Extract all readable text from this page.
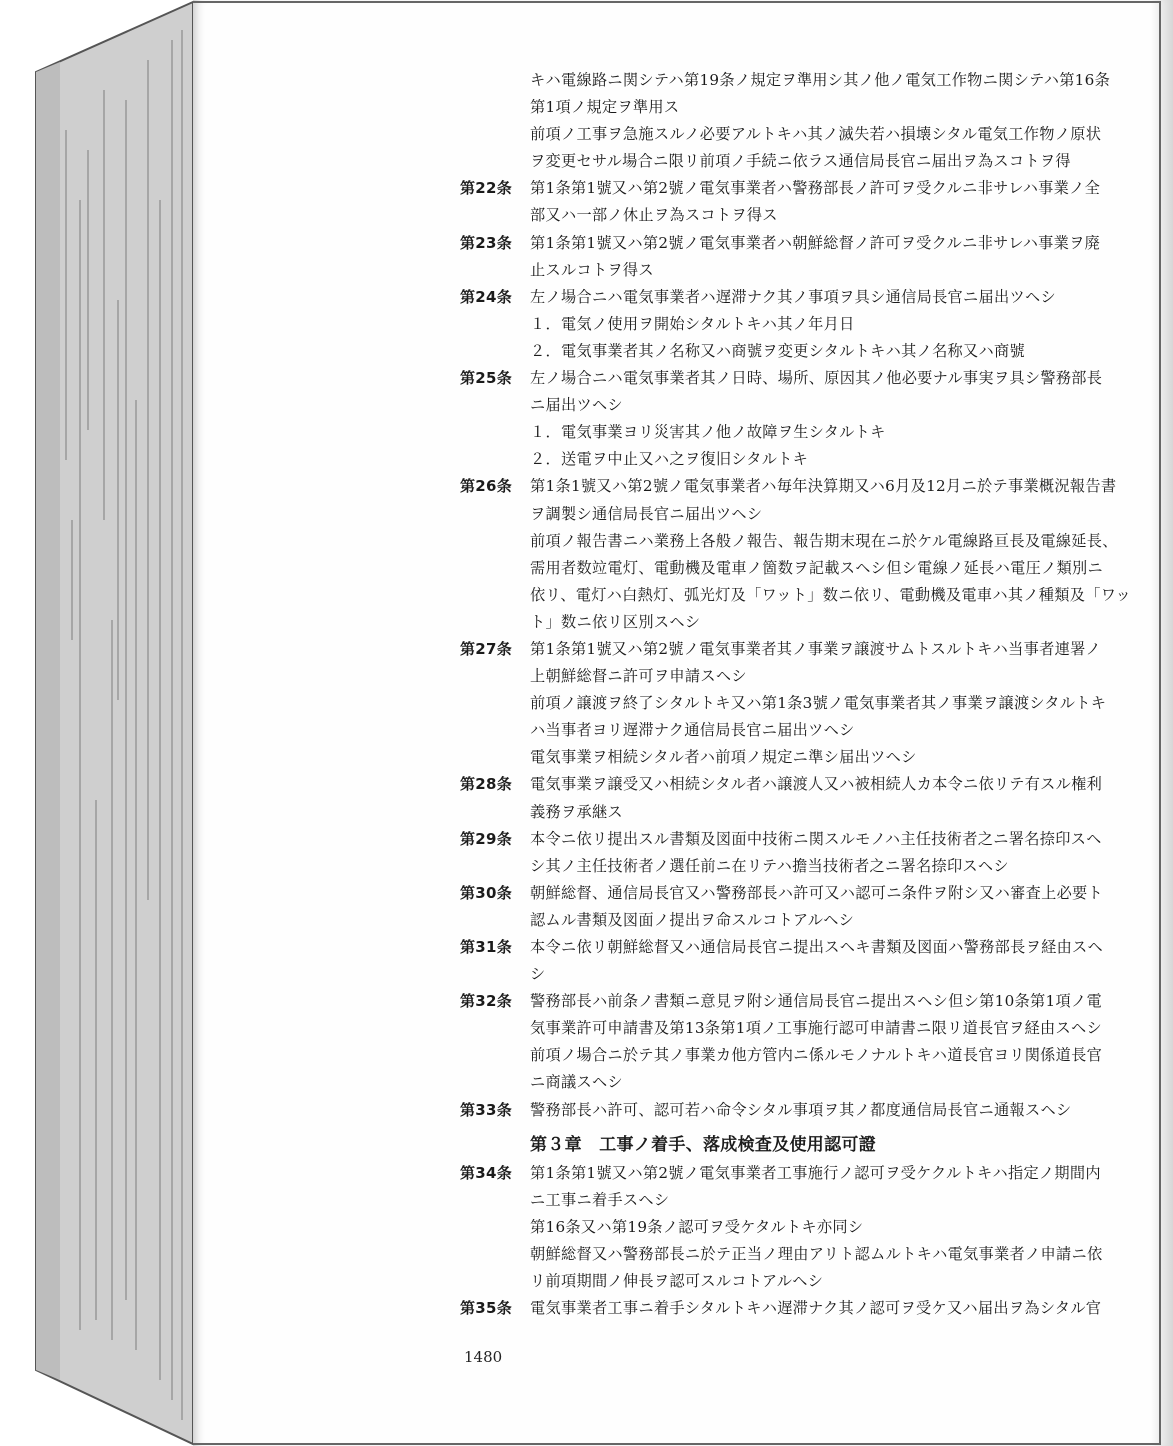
キハ電線路ニ関シテハ第19条ノ規定ヲ準用シ其ノ他ノ電気工作物ニ関シテハ第16条
第1項ノ規定ヲ準用ス
前項ノ工事ヲ急施スルノ必要アルトキハ其ノ滅失若ハ損壊シタル電気工作物ノ原状
ヲ変更セサル場合ニ限リ前項ノ手続ニ依ラス通信局長官ニ届出ヲ為スコトヲ得
第22条	第1条第1號又ハ第2號ノ電気事業者ハ警務部長ノ許可ヲ受クルニ非サレハ事業ノ全
部又ハ一部ノ休止ヲ為スコトヲ得ス
第23条	第1条第1號又ハ第2號ノ電気事業者ハ朝鮮総督ノ許可ヲ受クルニ非サレハ事業ヲ廃
止スルコトヲ得ス
第24条	左ノ場合ニハ電気事業者ハ遅滞ナク其ノ事項ヲ具シ通信局長官ニ届出ツヘシ
１．電気ノ使用ヲ開始シタルトキハ其ノ年月日
２．電気事業者其ノ名称又ハ商號ヲ変更シタルトキハ其ノ名称又ハ商號
第25条	左ノ場合ニハ電気事業者其ノ日時、場所、原因其ノ他必要ナル事実ヲ具シ警務部長
ニ届出ツヘシ
１．電気事業ヨリ災害其ノ他ノ故障ヲ生シタルトキ
２．送電ヲ中止又ハ之ヲ復旧シタルトキ
第26条	第1条1號又ハ第2號ノ電気事業者ハ毎年決算期又ハ6月及12月ニ於テ事業概況報告書
ヲ調製シ通信局長官ニ届出ツヘシ
前項ノ報告書ニハ業務上各般ノ報告、報告期末現在ニ於ケル電線路亘長及電線延長、
需用者数竝電灯、電動機及電車ノ箇数ヲ記載スヘシ但シ電線ノ延長ハ電圧ノ類別ニ
依リ、電灯ハ白熱灯、弧光灯及「ワット」数ニ依リ、電動機及電車ハ其ノ種類及「ワッ
ト」数ニ依リ区別スヘシ
第27条	第1条第1號又ハ第2號ノ電気事業者其ノ事業ヲ譲渡サムトスルトキハ当事者連署ノ
上朝鮮総督ニ許可ヲ申請スヘシ
前項ノ譲渡ヲ終了シタルトキ又ハ第1条3號ノ電気事業者其ノ事業ヲ譲渡シタルトキ
ハ当事者ヨリ遅滞ナク通信局長官ニ届出ツヘシ
電気事業ヲ相続シタル者ハ前項ノ規定ニ準シ届出ツヘシ
第28条	電気事業ヲ譲受又ハ相続シタル者ハ譲渡人又ハ被相続人カ本令ニ依リテ有スル権利
義務ヲ承継ス
第29条	本令ニ依リ提出スル書類及図面中技術ニ関スルモノハ主任技術者之ニ署名捺印スヘ
シ其ノ主任技術者ノ選任前ニ在リテハ擔当技術者之ニ署名捺印スヘシ
第30条	朝鮮総督、通信局長官又ハ警務部長ハ許可又ハ認可ニ条件ヲ附シ又ハ審査上必要ト
認ムル書類及図面ノ提出ヲ命スルコトアルヘシ
第31条	本令ニ依リ朝鮮総督又ハ通信局長官ニ提出スヘキ書類及図面ハ警務部長ヲ経由スヘ
シ
第32条	警務部長ハ前条ノ書類ニ意見ヲ附シ通信局長官ニ提出スヘシ但シ第10条第1項ノ電
気事業許可申請書及第13条第1項ノ工事施行認可申請書ニ限リ道長官ヲ経由スヘシ
前項ノ場合ニ於テ其ノ事業カ他方管内ニ係ルモノナルトキハ道長官ヨリ関係道長官
ニ商議スヘシ
第33条	警務部長ハ許可、認可若ハ命令シタル事項ヲ其ノ都度通信局長官ニ通報スヘシ
第３章　工事ノ着手、落成検査及使用認可證
第34条	第1条第1號又ハ第2號ノ電気事業者工事施行ノ認可ヲ受ケクルトキハ指定ノ期間内
ニ工事ニ着手スヘシ
第16条又ハ第19条ノ認可ヲ受ケタルトキ亦同シ
朝鮮総督又ハ警務部長ニ於テ正当ノ理由アリト認ムルトキハ電気事業者ノ申請ニ依
リ前項期間ノ伸長ヲ認可スルコトアルヘシ
第35条	電気事業者工事ニ着手シタルトキハ遅滞ナク其ノ認可ヲ受ケ又ハ届出ヲ為シタル官
1480
